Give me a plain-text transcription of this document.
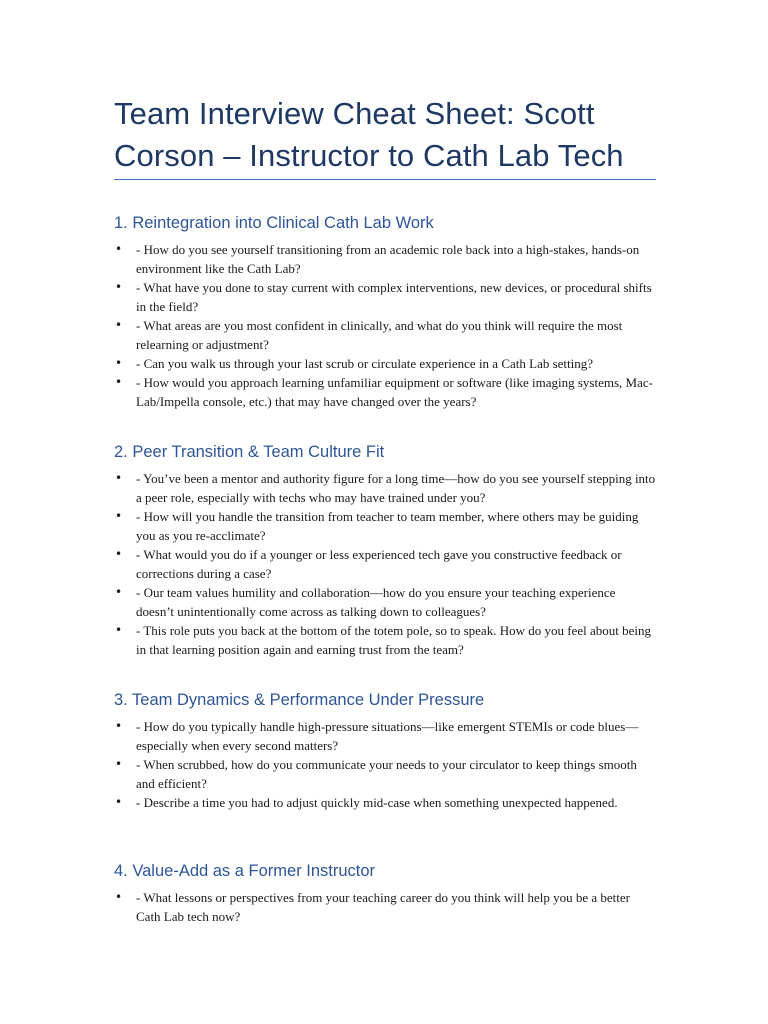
Team Interview Cheat Sheet: Scott Corson – Instructor to Cath Lab Tech
1. Reintegration into Clinical Cath Lab Work
• - How do you see yourself transitioning from an academic role back into a high-stakes, hands-on environment like the Cath Lab?
• - What have you done to stay current with complex interventions, new devices, or procedural shifts in the field?
• - What areas are you most confident in clinically, and what do you think will require the most relearning or adjustment?
• - Can you walk us through your last scrub or circulate experience in a Cath Lab setting?
• - How would you approach learning unfamiliar equipment or software (like imaging systems, Mac-Lab/Impella console, etc.) that may have changed over the years?
2. Peer Transition & Team Culture Fit
• - You’ve been a mentor and authority figure for a long time—how do you see yourself stepping into a peer role, especially with techs who may have trained under you?
• - How will you handle the transition from teacher to team member, where others may be guiding you as you re-acclimate?
• - What would you do if a younger or less experienced tech gave you constructive feedback or corrections during a case?
• - Our team values humility and collaboration—how do you ensure your teaching experience doesn’t unintentionally come across as talking down to colleagues?
• - This role puts you back at the bottom of the totem pole, so to speak. How do you feel about being in that learning position again and earning trust from the team?
3. Team Dynamics & Performance Under Pressure
• - How do you typically handle high-pressure situations—like emergent STEMIs or code blues—especially when every second matters?
• - When scrubbed, how do you communicate your needs to your circulator to keep things smooth and efficient?
• - Describe a time you had to adjust quickly mid-case when something unexpected happened.
4. Value-Add as a Former Instructor
• - What lessons or perspectives from your teaching career do you think will help you be a better Cath Lab tech now?
